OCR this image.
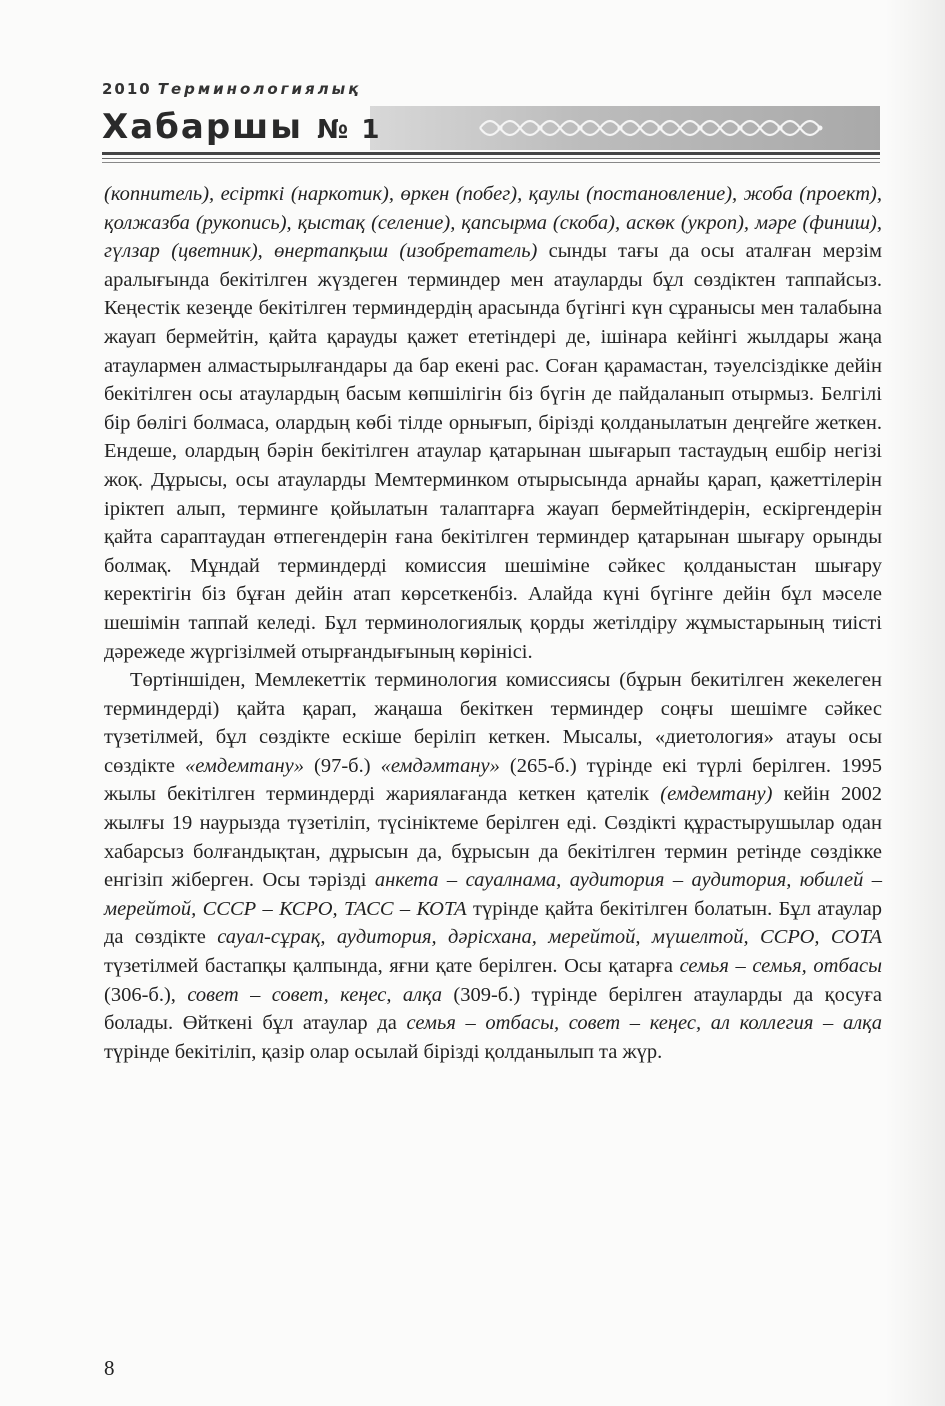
2010 Терминологиялық
Хабаршы № 1

(копнитель), есірткі (наркотик), өркен (побег), қаулы (постановление), жоба (проект), қолжазба (рукопись), қыстақ (селение), қапсырма (скоба), аскөк (укроп), мәре (финиш), гүлзар (цветник), өнертапқыш (изобретатель) сынды тағы да осы аталған мерзім аралығында бекітілген жүздеген терминдер мен атауларды бұл сөздіктен таппайсыз. Кеңестік кезеңде бекітілген терминдердің арасында бүгінгі күн сұранысы мен талабына жауап бермейтін, қайта қарауды қажет ететіндері де, ішінара кейінгі жылдары жаңа атаулармен алмастырылғандары да бар екені рас. Соған қарамастан, тәуелсіздікке дейін бекітілген осы атаулардың басым көпшілігін біз бүгін де пайдаланып отырмыз. Белгілі бір бөлігі болмаса, олардың көбі тілде орнығып, бірізді қолданылатын деңгейге жеткен. Ендеше, олардың бәрін бекітілген атаулар қатарынан шығарып тастаудың ешбір негізі жоқ. Дұрысы, осы атауларды Мемтерминком отырысында арнайы қарап, қажеттілерін іріктеп алып, терминге қойылатын талаптарға жауап бермейтіндерін, ескіргендерін қайта сараптаудан өтпегендерін ғана бекітілген терминдер қатарынан шығару орынды болмақ. Мұндай терминдерді комиссия шешіміне сәйкес қолданыстан шығару керектігін біз бұған дейін атап көрсеткенбіз. Алайда күні бүгінге дейін бұл мәселе шешімін таппай келеді. Бұл терминологиялық қорды жетілдіру жұмыстарының тиісті дәрежеде жүргізілмей отырғандығының көрінісі.

Төртіншіден, Мемлекеттік терминология комиссиясы (бұрын бекитілген жекелеген терминдерді) қайта қарап, жаңаша бекіткен терминдер соңғы шешімге сәйкес түзетілмей, бұл сөздікте ескіше беріліп кеткен. Мысалы, «диетология» атауы осы сөздікте «емдемтану» (97-б.) «емдәмтану» (265-б.) түрінде екі түрлі берілген. 1995 жылы бекітілген терминдерді жариялағанда кеткен қателік (емдемтану) кейін 2002 жылғы 19 наурызда түзетіліп, түсініктеме берілген еді. Сөздікті құрастырушылар одан хабарсыз болғандықтан, дұрысын да, бұрысын да бекітілген термин ретінде сөздікке енгізіп жіберген. Осы тәрізді анкета – сауалнама, аудитория – аудитория, юбилей – мерейтой, СССР – КСРО, ТАСС – КОТА түрінде қайта бекітілген болатын. Бұл атаулар да сөздікте сауал-сұрақ, аудитория, дәрісхана, мерейтой, мүшелтой, ССРО, СОТА түзетілмей бастапқы қалпында, яғни қате берілген. Осы қатарға семья – семья, отбасы (306-б.), совет – совет, кеңес, алқа (309-б.) түрінде берілген атауларды да қосуға болады. Өйткені бұл атаулар да семья – отбасы, совет – кеңес, ал коллегия – алқа түрінде бекітіліп, қазір олар осылай бірізді қолданылып та жүр.

8
